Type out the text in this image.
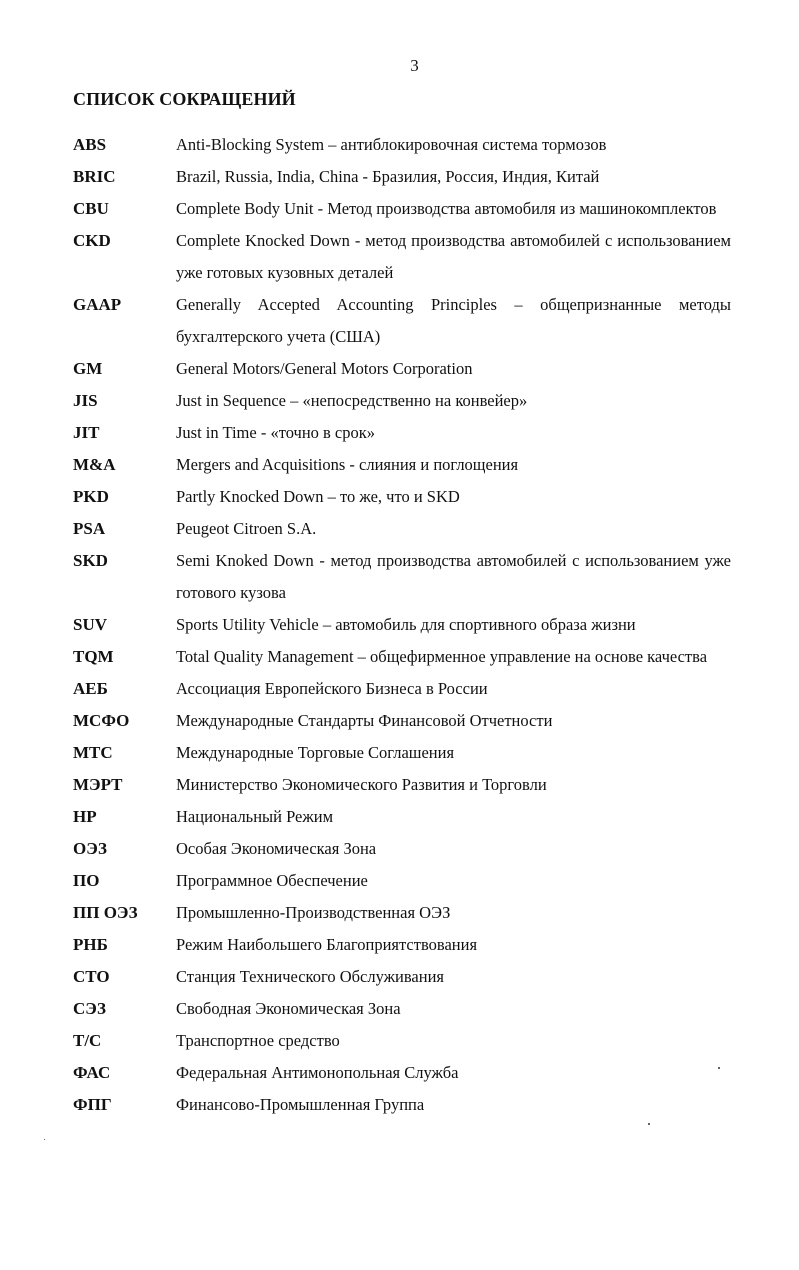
3
СПИСОК СОКРАЩЕНИЙ
ABS	Anti-Blocking System – антиблокировочная система тормозов
BRIC	Brazil, Russia, India, China - Бразилия, Россия, Индия, Китай
CBU	Complete Body Unit - Метод производства автомобиля из машинокомплектов
CKD	Complete Knocked Down - метод производства автомобилей с использованием уже готовых кузовных деталей
GAAP	Generally Accepted Accounting Principles – общепризнанные методы бухгалтерского учета (США)
GM	General Motors/General Motors Corporation
JIS	Just in Sequence – «непосредственно на конвейер»
JIT	Just in Time - «точно в срок»
M&A	Mergers and Acquisitions - слияния и поглощения
PKD	Partly Knocked Down – то же, что и SKD
PSA	Peugeot Citroen S.A.
SKD	Semi Knoked Down - метод производства автомобилей с использованием уже готового кузова
SUV	Sports Utility Vehicle – автомобиль для спортивного образа жизни
TQM	Total Quality Management – общефирменное управление на основе качества
АЕБ	Ассоциация Европейского Бизнеса в России
МСФО	Международные Стандарты Финансовой Отчетности
МТС	Международные Торговые Соглашения
МЭРТ	Министерство Экономического Развития и Торговли
НР	Национальный Режим
ОЭЗ	Особая Экономическая Зона
ПО	Программное Обеспечение
ПП ОЭЗ	Промышленно-Производственная ОЭЗ
РНБ	Режим Наибольшего Благоприятствования
СТО	Станция Технического Обслуживания
СЭЗ	Свободная Экономическая Зона
Т/С	Транспортное средство
ФАС	Федеральная Антимонопольная Служба
ФПГ	Финансово-Промышленная Группа
